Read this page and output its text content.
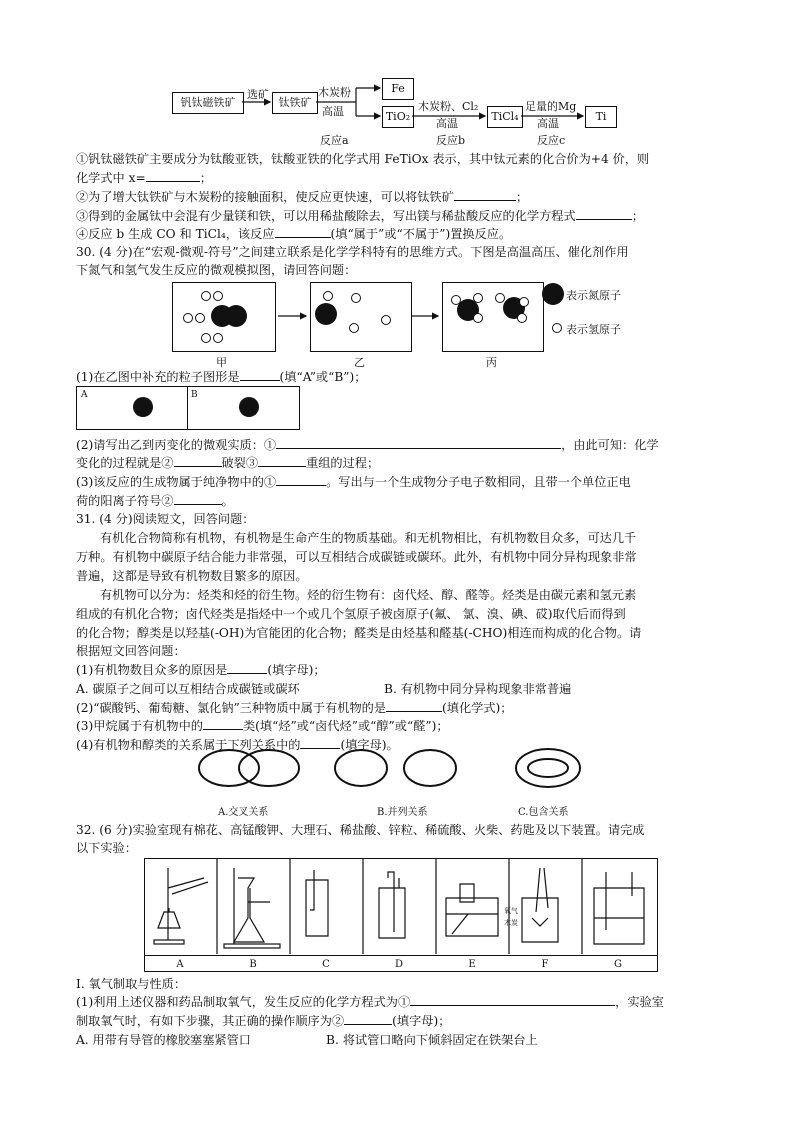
钒钛磁铁矿
选矿
钛铁矿
木炭粉
高温
Fe
TiO₂
木炭粉、Cl₂
高温
TiCl₄
足量的Mg
高温
Ti
反应a	反应b	反应c
①钒钛磁铁矿主要成分为钛酸亚铁，钛酸亚铁的化学式用 FeTiOx 表示，其中钛元素的化合价为+4 价，则
化学式中 x=	；
②为了增大钛铁矿与木炭粉的接触面积，使反应更快速，可以将钛铁矿	；
③得到的金属钛中会混有少量镁和铁，可以用稀盐酸除去，写出镁与稀盐酸反应的化学方程式	；
④反应 b 生成 CO 和 TiCl₄，该反应	(填“属于”或“不属于”)置换反应。
30. (4 分)在“宏观-微观-符号”之间建立联系是化学学科特有的思维方式。下图是高温高压、催化剂作用
下氮气和氢气发生反应的微观模拟图，请回答问题：
甲	乙	丙
表示氮原子
表示氢原子
(1)在乙图中补充的粒子图形是	(填“A”或“B”)；
A	B
(2)请写出乙到丙变化的微观实质：①	，由此可知：化学
变化的过程就是②	破裂③	重组的过程；
(3)该反应的生成物属于纯净物中的①	。写出与一个生成物分子电子数相同，且带一个单位正电
荷的阳离子符号②	。
31. (4 分)阅读短文，回答问题：
有机化合物简称有机物，有机物是生命产生的物质基础。和无机物相比，有机物数目众多，可达几千
万种。有机物中碳原子结合能力非常强，可以互相结合成碳链或碳环。此外，有机物中同分异构现象非常
普遍，这都是导致有机物数目繁多的原因。
有机物可以分为：烃类和烃的衍生物。烃的衍生物有：卤代烃、醇、醛等。烃类是由碳元素和氢元素
组成的有机化合物；卤代烃类是指烃中一个或几个氢原子被卤原子(氟、 氯、溴、碘、砹)取代后而得到
的化合物；醇类是以羟基(-OH)为官能团的化合物；醛类是由烃基和醛基(-CHO)相连而构成的化合物。请
根据短文回答问题：
(1)有机物数目众多的原因是	(填字母)；
A. 碳原子之间可以互相结合成碳链或碳环	B. 有机物中同分异构现象非常普遍
(2)“碳酸钙、葡萄糖、氯化钠”三种物质中属于有机物的是	(填化学式)；
(3)甲烷属于有机物中的	类(填“烃”或“卤代烃”或“醇”或“醛”)；
(4)有机物和醇类的关系属于下列关系中的	(填字母)。
A.交叉关系	B.并列关系	C.包含关系
32. (6 分)实验室现有棉花、高锰酸钾、大理石、稀盐酸、锌粒、稀硫酸、火柴、药匙及以下装置。请完成
以下实验：
A	B	C	D	E	F	G
氧气
木炭
I. 氧气制取与性质：
(1)利用上述仪器和药品制取氧气，发生反应的化学方程式为①	，实验室
制取氧气时，有如下步骤，其正确的操作顺序为②	(填字母)；
A. 用带有导管的橡胶塞塞紧管口	B. 将试管口略向下倾斜固定在铁架台上
